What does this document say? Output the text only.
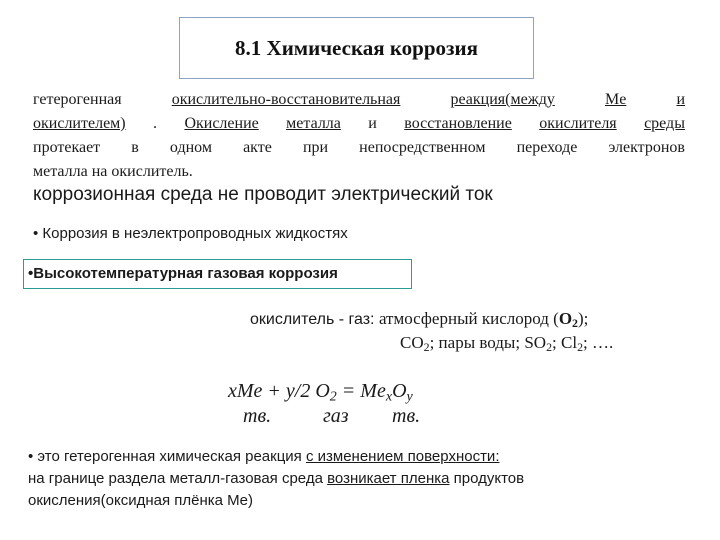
8.1 Химическая коррозия
гетерогенная	окислительно-восстановительная	реакция(между	Me	и
окислителем) . Окисление металла и восстановление окислителя среды
протекает в одном акте при непосредственном переходе электронов
металла на окислитель.
коррозионная среда не проводит электрический ток
• Коррозия в неэлектропроводных жидкостях
•Высокотемпературная газовая коррозия
окислитель - газ: атмосферный кислород $(O_2)$;
$CO_2$; пары воды; $SO_2$; $Cl_2$; ….
xMe + y/2 $O_2 = Me_xO_y$
тв.	газ тв.
• это гетерогенная химическая реакция с изменением поверхности:
на границе раздела металл-газовая среда возникает пленка продуктов
окисления(оксидная плёнка Me)
